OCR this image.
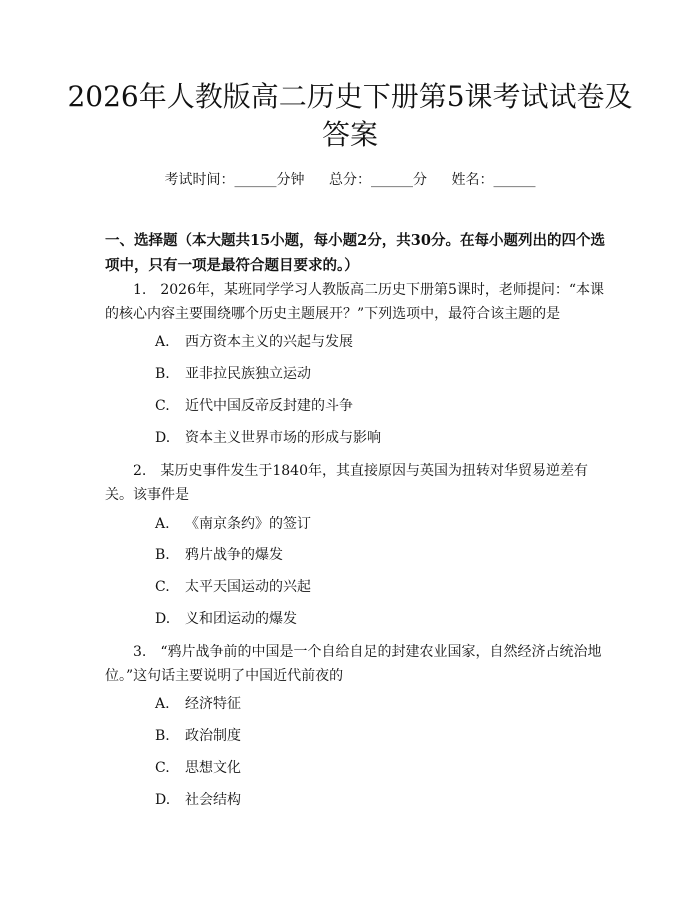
2026年人教版高二历史下册第5课考试试卷及答案
考试时间：______分钟 总分：______分 姓名：______

一、选择题（本大题共15小题，每小题2分，共30分。在每小题列出的四个选项中，只有一项是最符合题目要求的。）

1.　2026年，某班同学学习人教版高二历史下册第5课时，老师提问：“本课的核心内容主要围绕哪个历史主题展开？”下列选项中，最符合该主题的是

A. 西方资本主义的兴起与发展
B. 亚非拉民族独立运动
C. 近代中国反帝反封建的斗争
D. 资本主义世界市场的形成与影响

2.　某历史事件发生于1840年，其直接原因与英国为扭转对华贸易逆差有关。该事件是

A. 《南京条约》的签订
B. 鸦片战争的爆发
C. 太平天国运动的兴起
D. 义和团运动的爆发

3.　“鸦片战争前的中国是一个自给自足的封建农业国家，自然经济占统治地位。”这句话主要说明了中国近代前夜的

A. 经济特征
B. 政治制度
C. 思想文化
D. 社会结构
